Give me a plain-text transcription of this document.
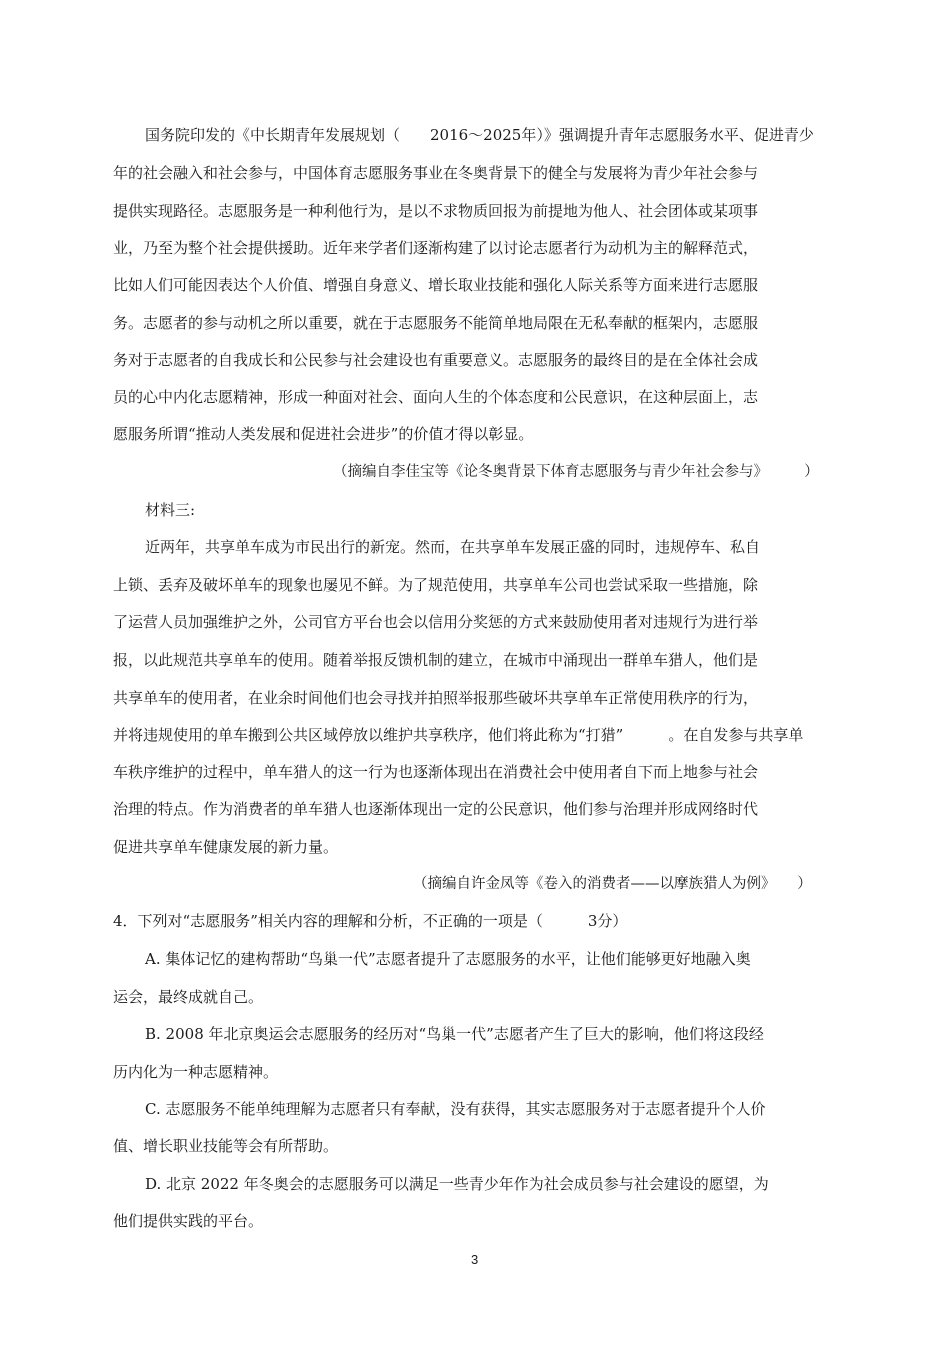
国务院印发的《中长期青年发展规划（　　2016～2025年）》强调提升青年志愿服务水平、促进青少
年的社会融入和社会参与，中国体育志愿服务事业在冬奥背景下的健全与发展将为青少年社会参与
提供实现路径。志愿服务是一种利他行为，是以不求物质回报为前提地为他人、社会团体或某项事
业，乃至为整个社会提供援助。近年来学者们逐渐构建了以讨论志愿者行为动机为主的解释范式，
比如人们可能因表达个人价值、增强自身意义、增长取业技能和强化人际关系等方面来进行志愿服
务。志愿者的参与动机之所以重要，就在于志愿服务不能简单地局限在无私奉献的框架内，志愿服
务对于志愿者的自我成长和公民参与社会建设也有重要意义。志愿服务的最终目的是在全体社会成
员的心中内化志愿精神，形成一种面对社会、面向人生的个体态度和公民意识，在这种层面上，志
愿服务所谓“推动人类发展和促进社会进步”的价值才得以彰显。
（摘编自李佳宝等《论冬奥背景下体育志愿服务与青少年社会参与》　　　）
材料三:
近两年，共享单车成为市民出行的新宠。然而，在共享单车发展正盛的同时，违规停车、私自
上锁、丢弃及破坏单车的现象也屡见不鲜。为了规范使用，共享单车公司也尝试采取一些措施，除
了运营人员加强维护之外，公司官方平台也会以信用分奖惩的方式来鼓励使用者对违规行为进行举
报，以此规范共享单车的使用。随着举报反馈机制的建立，在城市中涌现出一群单车猎人，他们是
共享单车的使用者，在业余时间他们也会寻找并拍照举报那些破坏共享单车正常使用秩序的行为，
并将违规使用的单车搬到公共区域停放以维护共享秩序，他们将此称为“打猎”　　　。在自发参与共享单
车秩序维护的过程中，单车猎人的这一行为也逐渐体现出在消费社会中使用者自下而上地参与社会
治理的特点。作为消费者的单车猎人也逐渐体现出一定的公民意识，他们参与治理并形成网络时代
促进共享单车健康发展的新力量。
（摘编自许金凤等《卷入的消费者——以摩族猎人为例》　　）
4．下列对“志愿服务”相关内容的理解和分析，不正确的一项是（　　　3分）
A. 集体记忆的建构帮助“鸟巢一代”志愿者提升了志愿服务的水平，让他们能够更好地融入奥
运会，最终成就自己。
B. 2008 年北京奥运会志愿服务的经历对“鸟巢一代”志愿者产生了巨大的影响，他们将这段经
历内化为一种志愿精神。
C. 志愿服务不能单纯理解为志愿者只有奉献，没有获得，其实志愿服务对于志愿者提升个人价
值、增长职业技能等会有所帮助。
D. 北京 2022 年冬奥会的志愿服务可以满足一些青少年作为社会成员参与社会建设的愿望，为
他们提供实践的平台。
3
